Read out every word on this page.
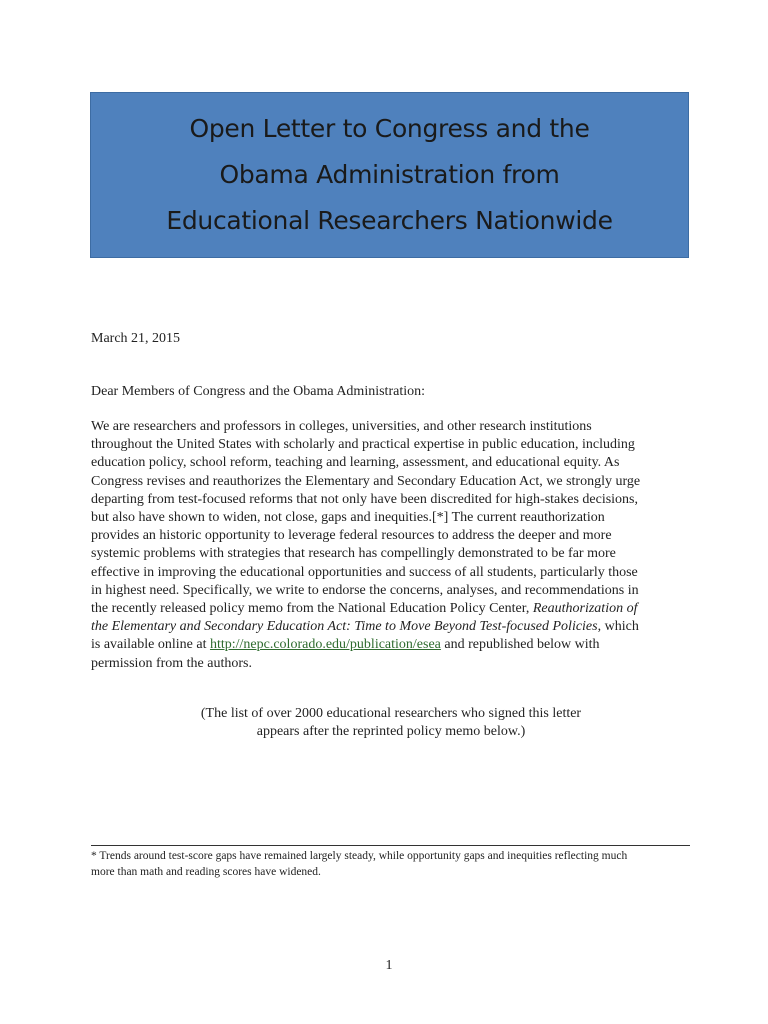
Open Letter to Congress and the
Obama Administration from
Educational Researchers Nationwide
March 21, 2015
Dear Members of Congress and the Obama Administration:
We are researchers and professors in colleges, universities, and other research institutions
throughout the United States with scholarly and practical expertise in public education, including
education policy, school reform, teaching and learning, assessment, and educational equity. As
Congress revises and reauthorizes the Elementary and Secondary Education Act, we strongly urge
departing from test-focused reforms that not only have been discredited for high-stakes decisions,
but also have shown to widen, not close, gaps and inequities.[*] The current reauthorization
provides an historic opportunity to leverage federal resources to address the deeper and more
systemic problems with strategies that research has compellingly demonstrated to be far more
effective in improving the educational opportunities and success of all students, particularly those
in highest need. Specifically, we write to endorse the concerns, analyses, and recommendations in
the recently released policy memo from the National Education Policy Center, Reauthorization of
the Elementary and Secondary Education Act: Time to Move Beyond Test-focused Policies, which
is available online at http://nepc.colorado.edu/publication/esea and republished below with
permission from the authors.
(The list of over 2000 educational researchers who signed this letter
appears after the reprinted policy memo below.)
* Trends around test-score gaps have remained largely steady, while opportunity gaps and inequities reflecting much
more than math and reading scores have widened.
1
